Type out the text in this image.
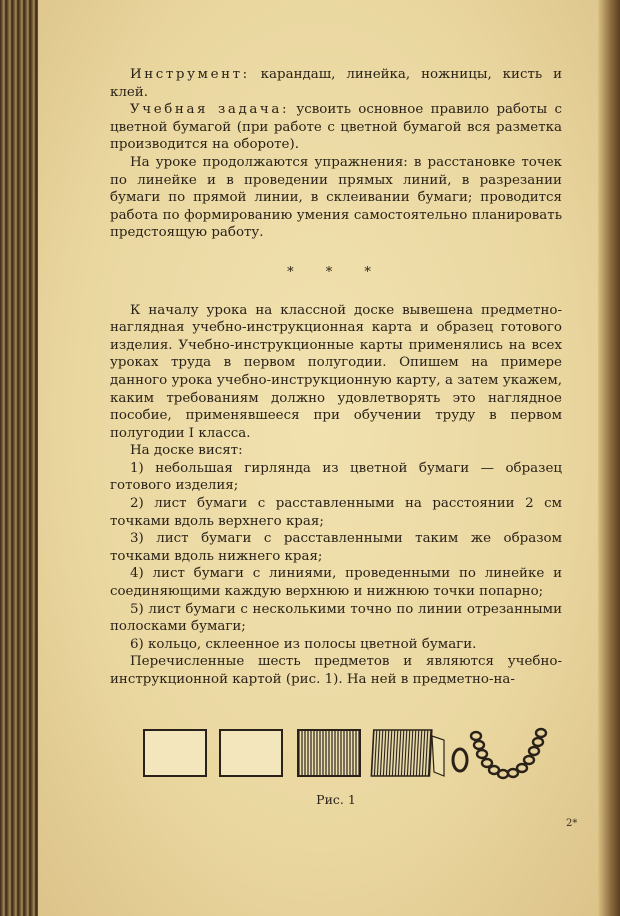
Инструмент: карандаш, линейка, ножницы, кисть и клей.

Учебная задача: усвоить основное правило работы с цветной бумагой (при работе с цветной бумагой вся разметка производится на обороте).

На уроке продолжаются упражнения: в расстановке точек по линейке и в проведении прямых линий, в разрезании бумаги по прямой линии, в склеивании бумаги; проводится работа по формированию умения самостоятельно планировать предстоящую работу.

* * *

К началу урока на классной доске вывешена предметно-наглядная учебно-инструкционная карта и образец готового изделия. Учебно-инструкционные карты применялись на всех уроках труда в первом полугодии. Опишем на примере данного урока учебно-инструкционную карту, а затем укажем, каким требованиям должно удовлетворять это наглядное пособие, применявшееся при обучении труду в первом полугодии I класса.

На доске висят:

1) небольшая гирлянда из цветной бумаги — образец готового изделия;

2) лист бумаги с расставленными на расстоянии 2 см точками вдоль верхнего края;

3) лист бумаги с расставленными таким же образом точками вдоль нижнего края;

4) лист бумаги с линиями, проведенными по линейке и соединяющими каждую верхнюю и нижнюю точки попарно;

5) лист бумаги с несколькими точно по линии отрезанными полосками бумаги;

6) кольцо, склеенное из полосы цветной бумаги.

Перечисленные шесть предметов и являются учебно-инструкционной картой (рис. 1). На ней в предметно-на-

Рис. 1
2*
